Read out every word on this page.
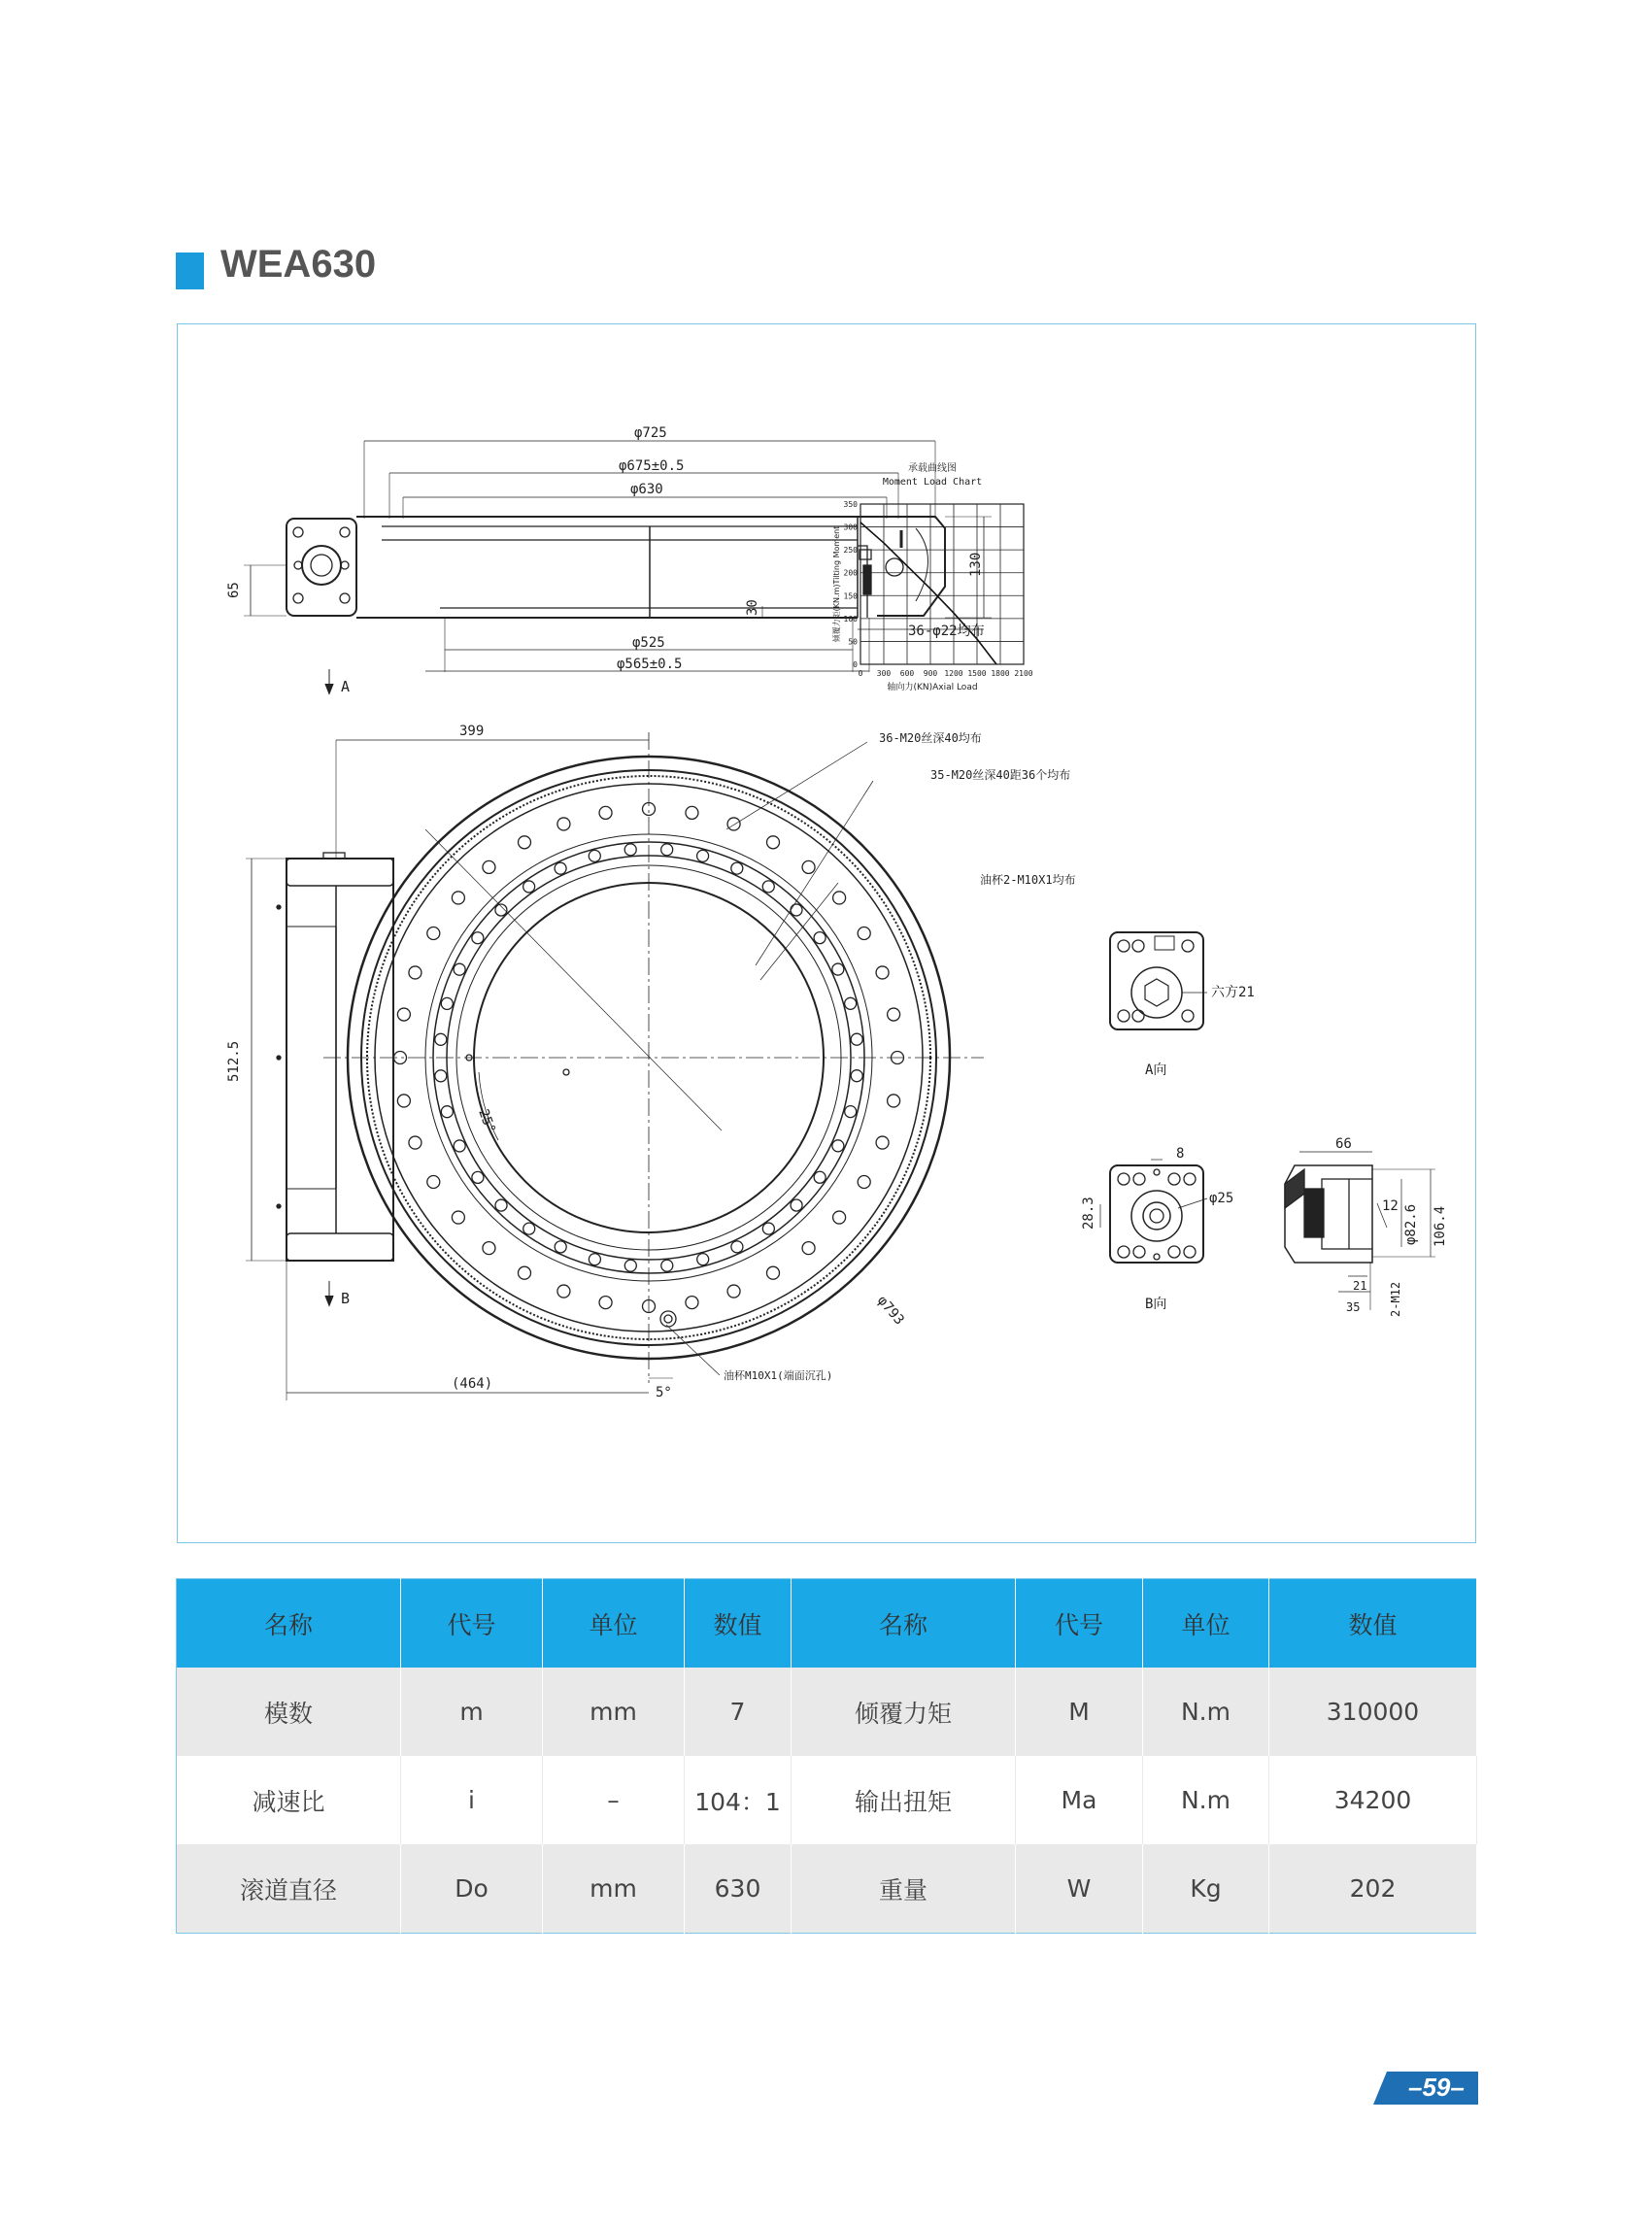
WEA630
承载曲线图
Moment Load Chart
0 300 600 900 1200 1500 1800 2100
0
50
100
150
200
250
300
350
轴向力(KN)Axial Load
倾覆力矩(KN.m)Tilting Moment
φ725
φ675±0.5
φ630
φ525
φ565±0.5
65
30
130
36-φ22均布
A
399
512.5
(464)
25°
5°
φ793
36-M20丝深40均布
35-M20丝深40距36个均布
油杯2-M10X1均布
油杯M10X1(端面沉孔)
B
六方21
A向
8
φ25
28.3
B向
66
12 φ82.6 106.4
21
35 2-M12
名称	代号	单位	数值	名称	代号	单位	数值
模数	m	mm	7	倾覆力矩	M	N.m	310000
减速比	i	–	104：1	输出扭矩	Ma	N.m	34200
滚道直径	Do	mm	630	重量	W	Kg	202
–59–
